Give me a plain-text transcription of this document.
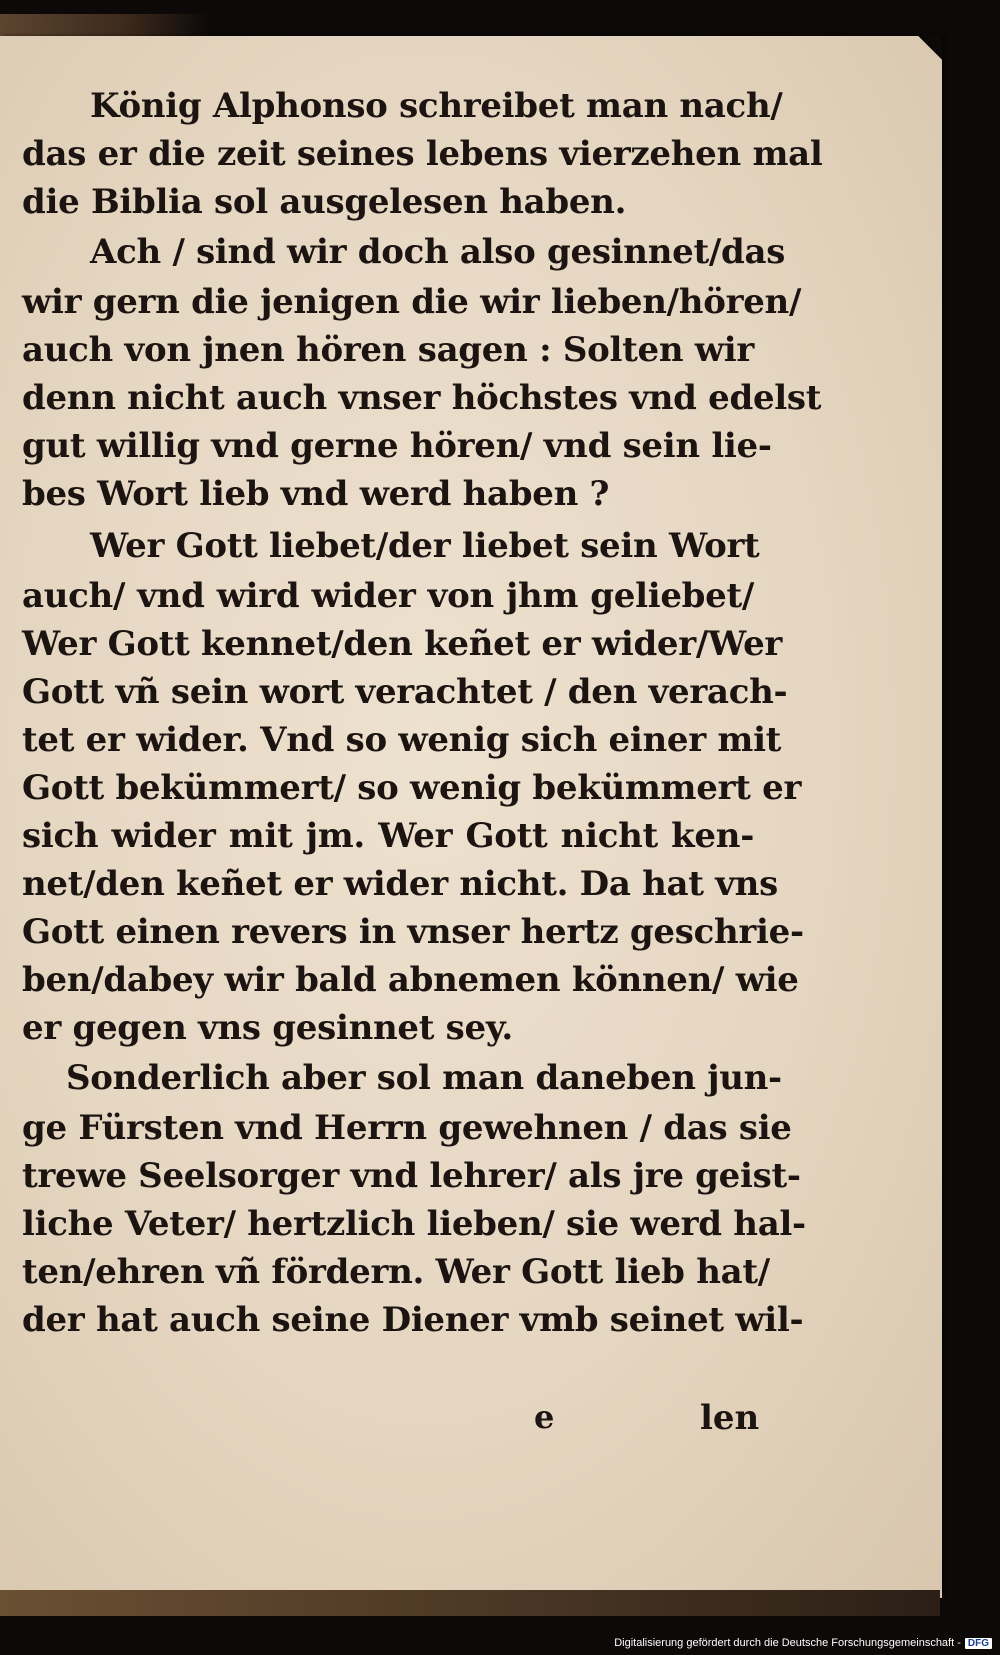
König Alphonso schreibet man nach/

das er die zeit seines lebens vierzehen mal

die Biblia sol ausgelesen haben.

Ach / sind wir doch also gesinnet/das

wir gern die jenigen die wir lieben/hören/

auch von jnen hören sagen : Solten wir

denn nicht auch vnser höchstes vnd edelst

gut willig vnd gerne hören/ vnd sein lie-

bes Wort lieb vnd werd haben ?

Wer Gott liebet/der liebet sein Wort

auch/ vnd wird wider von jhm geliebet/

Wer Gott kennet/den keñet er wider/Wer

Gott vñ sein wort verachtet / den verach-

tet er wider. Vnd so wenig sich einer mit

Gott bekümmert/ so wenig bekümmert er

sich wider mit jm. Wer Gott nicht ken-

net/den keñet er wider nicht. Da hat vns

Gott einen revers in vnser hertz geschrie-

ben/dabey wir bald abnemen können/ wie

er gegen vns gesinnet sey.

Sonderlich aber sol man daneben jun-

ge Fürsten vnd Herrn gewehnen / das sie

trewe Seelsorger vnd lehrer/ als jre geist-

liche Veter/ hertzlich lieben/ sie werd hal-

ten/ehren vñ fördern. Wer Gott lieb hat/

der hat auch seine Diener vmb seinet wil-

e	len
Digitalisierung gefördert durch die Deutsche Forschungsgemeinschaft - DFG
